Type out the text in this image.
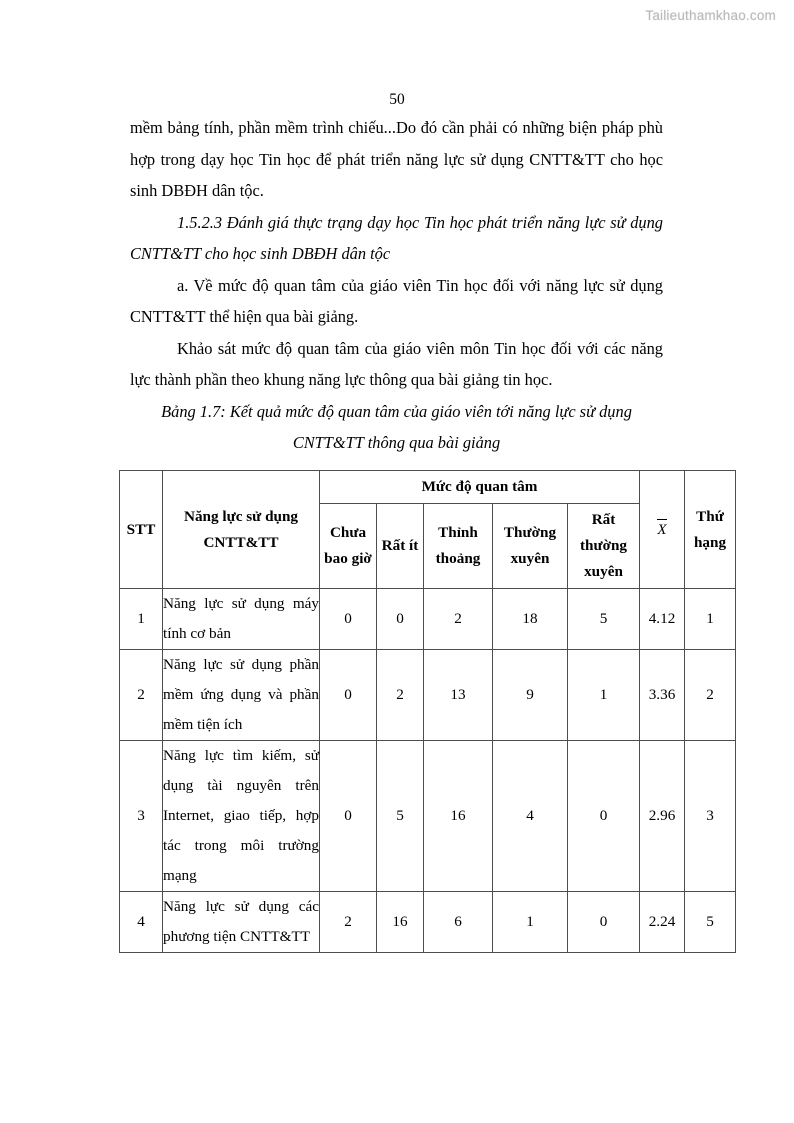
Tailieuthamkhao.com
50

mềm bảng tính, phần mềm trình chiếu...Do đó cần phải có những biện pháp phù hợp trong dạy học Tin học để phát triển năng lực sử dụng CNTT&TT cho học sinh DBĐH dân tộc.

1.5.2.3 Đánh giá thực trạng dạy học Tin học phát triển năng lực sử dụng CNTT&TT cho học sinh DBĐH dân tộc

a. Về mức độ quan tâm của giáo viên Tin học đối với năng lực sử dụng CNTT&TT thể hiện qua bài giảng.

Khảo sát mức độ quan tâm của giáo viên môn Tin học đối với các năng lực thành phần theo khung năng lực thông qua bài giảng tin học.

Bảng 1.7: Kết quả mức độ quan tâm của giáo viên tới năng lực sử dụng

CNTT&TT thông qua bài giảng

STT	Năng lực sử dụng CNTT&TT	Mức độ quan tâm					X	Thứ hạng
		Chưa bao giờ	Rất ít	Thỉnh thoảng	Thường xuyên	Rất thường xuyên		
1	Năng lực sử dụng máy tính cơ bản	0	0	2	18	5	4.12	1
2	Năng lực sử dụng phần mềm ứng dụng và phần mềm tiện ích	0	2	13	9	1	3.36	2
3	Năng lực tìm kiếm, sử dụng tài nguyên trên Internet, giao tiếp, hợp tác trong môi trường mạng	0	5	16	4	0	2.96	3
4	Năng lực sử dụng các phương tiện CNTT&TT	2	16	6	1	0	2.24	5
